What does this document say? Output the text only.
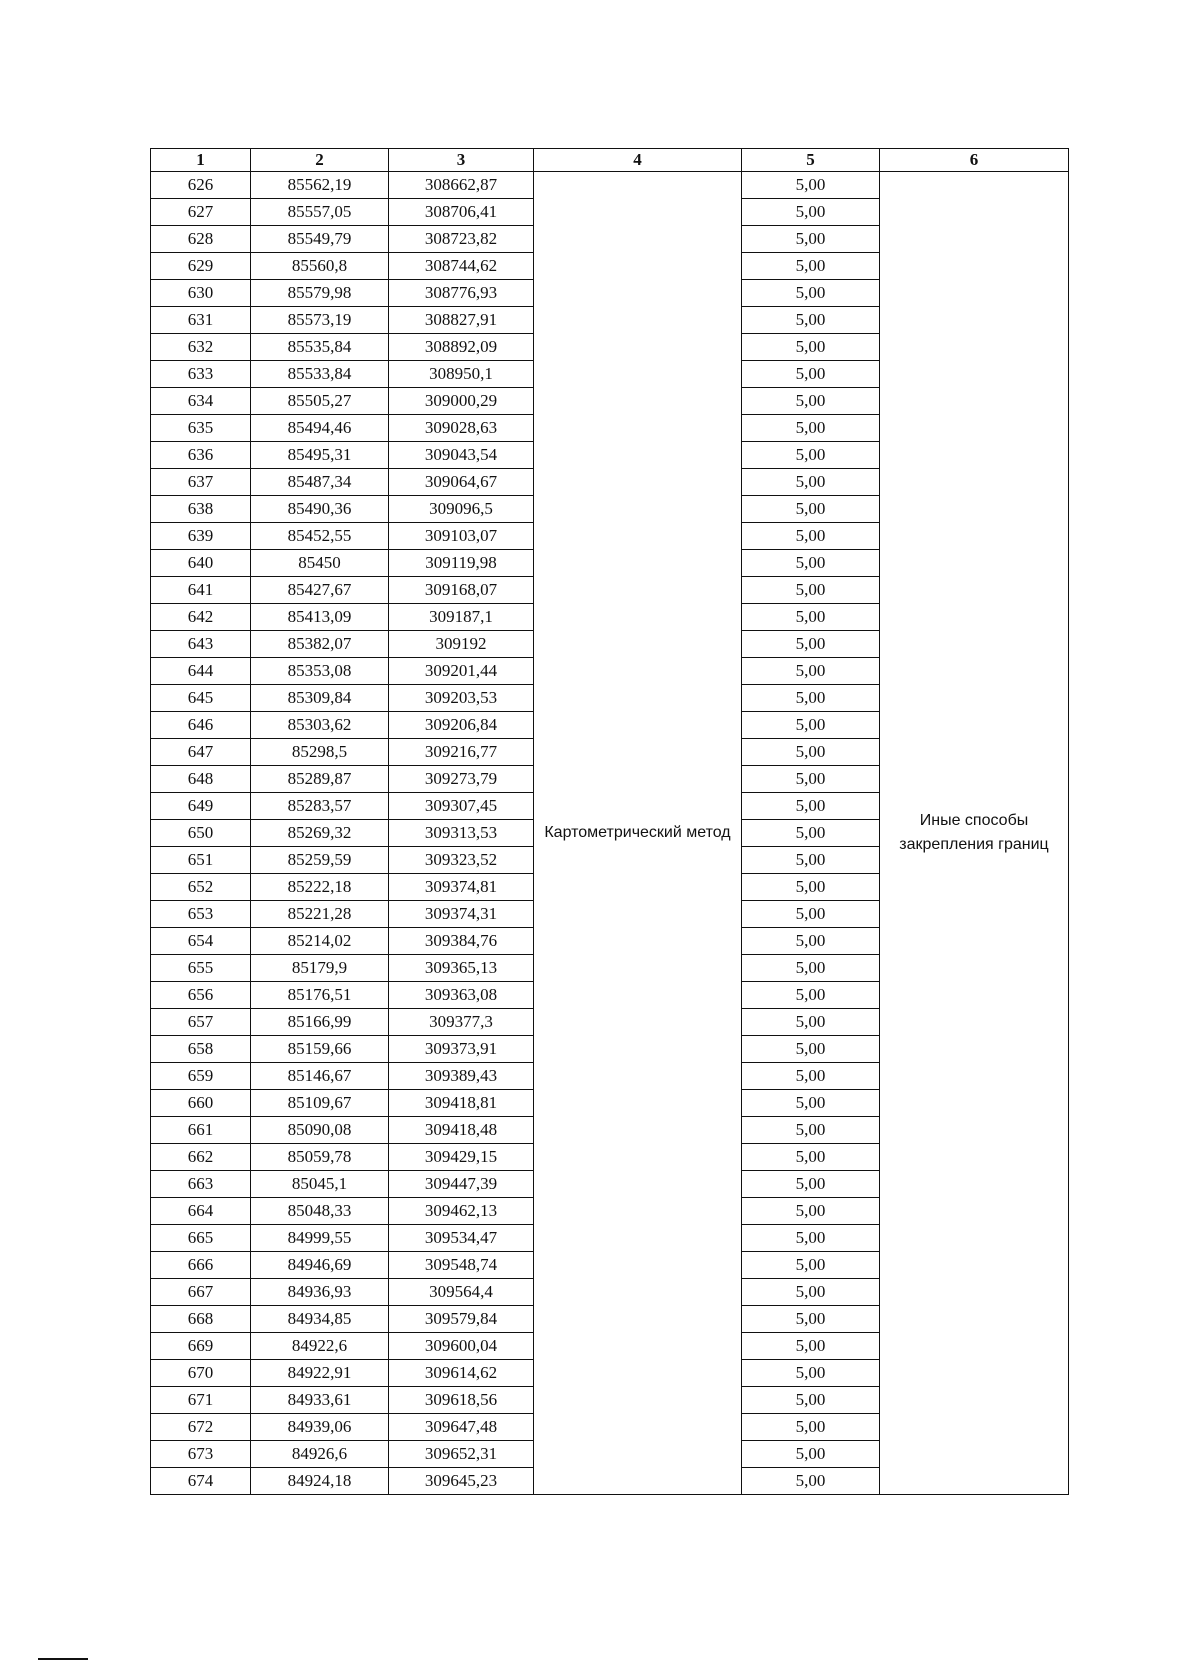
1	2	3	4	5	6
626	85562,19	308662,87	Картометрический метод	5,00	Иные способы закрепления границ
627	85557,05	308706,41		5,00	
628	85549,79	308723,82		5,00	
629	85560,8	308744,62		5,00	
630	85579,98	308776,93		5,00	
631	85573,19	308827,91		5,00	
632	85535,84	308892,09		5,00	
633	85533,84	308950,1		5,00	
634	85505,27	309000,29		5,00	
635	85494,46	309028,63		5,00	
636	85495,31	309043,54		5,00	
637	85487,34	309064,67		5,00	
638	85490,36	309096,5		5,00	
639	85452,55	309103,07		5,00	
640	85450	309119,98		5,00	
641	85427,67	309168,07		5,00	
642	85413,09	309187,1		5,00	
643	85382,07	309192		5,00	
644	85353,08	309201,44		5,00	
645	85309,84	309203,53		5,00	
646	85303,62	309206,84		5,00	
647	85298,5	309216,77		5,00	
648	85289,87	309273,79		5,00	
649	85283,57	309307,45		5,00	
650	85269,32	309313,53		5,00	
651	85259,59	309323,52		5,00	
652	85222,18	309374,81		5,00	
653	85221,28	309374,31		5,00	
654	85214,02	309384,76		5,00	
655	85179,9	309365,13		5,00	
656	85176,51	309363,08		5,00	
657	85166,99	309377,3		5,00	
658	85159,66	309373,91		5,00	
659	85146,67	309389,43		5,00	
660	85109,67	309418,81		5,00	
661	85090,08	309418,48		5,00	
662	85059,78	309429,15		5,00	
663	85045,1	309447,39		5,00	
664	85048,33	309462,13		5,00	
665	84999,55	309534,47		5,00	
666	84946,69	309548,74		5,00	
667	84936,93	309564,4		5,00	
668	84934,85	309579,84		5,00	
669	84922,6	309600,04		5,00	
670	84922,91	309614,62		5,00	
671	84933,61	309618,56		5,00	
672	84939,06	309647,48		5,00	
673	84926,6	309652,31		5,00	
674	84924,18	309645,23		5,00	
